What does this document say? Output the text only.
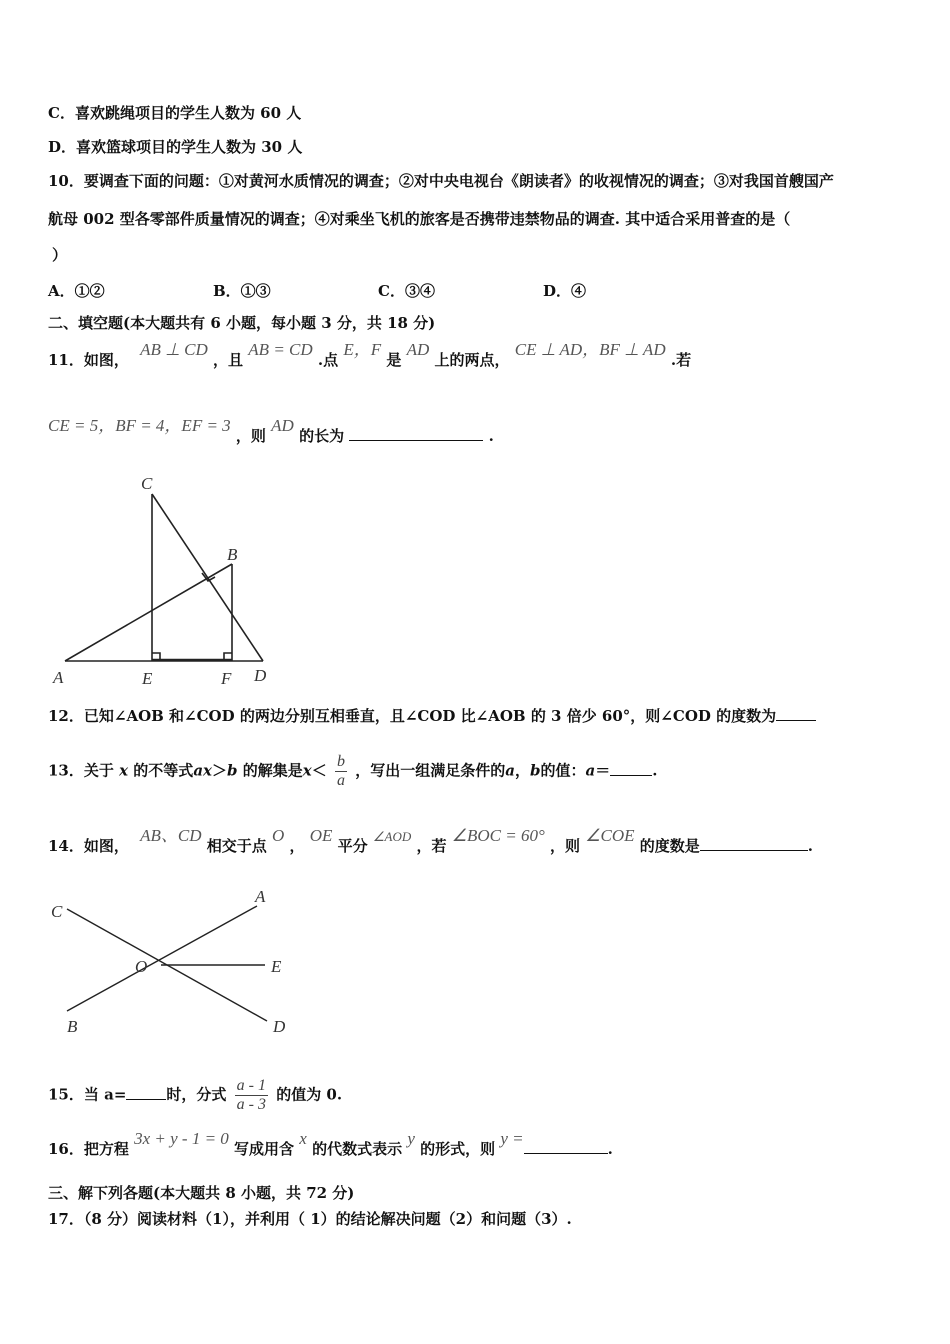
C．喜欢跳绳项目的学生人数为 60 人
D．喜欢篮球项目的学生人数为 30 人
10．要调查下面的问题：①对黄河水质情况的调查；②对中央电视台《朗读者》的收视情况的调查；③对我国首艘国产
航母 002 型各零部件质量情况的调查；④对乘坐飞机的旅客是否携带违禁物品的调查. 其中适合采用普查的是（
）
A．①②	B．①③	C．③④	D．④
二、填空题(本大题共有 6 小题，每小题 3 分，共 18 分)
11．如图， AB ⊥ CD ，且 AB = CD .点 E，F 是 AD 上的两点， CE ⊥ AD，BF ⊥ AD .若
CE = 5，BF = 4，EF = 3 ，则 AD 的长为	.
C
B
A	E	F D
12．已知∠AOB 和∠COD 的两边分别互相垂直，且∠COD 比∠AOB 的 3 倍少 60°，则∠COD 的度数为
13．关于 x 的不等式ax＞b 的解集是$x< \frac{b}{a}$ ，写出一组满足条件的a，b的值：a＝	.
14．如图， AB、CD 相交于点 O ， OE 平分 ∠AOD ，若 ∠BOC = 60° ，则 ∠COE 的度数是	.
C
A
O	E
B	D
15．当 a=	时，分式 $\frac{a - 1}{a - 3}$ 的值为 0.
16．把方程 3x + y - 1 = 0 写成用含 x 的代数式表示 y 的形式，则 y =.
三、解下列各题(本大题共 8 小题，共 72 分)
17．（8 分）阅读材料（1），并利用（ 1）的结论解决问题（2）和问题（3）.
